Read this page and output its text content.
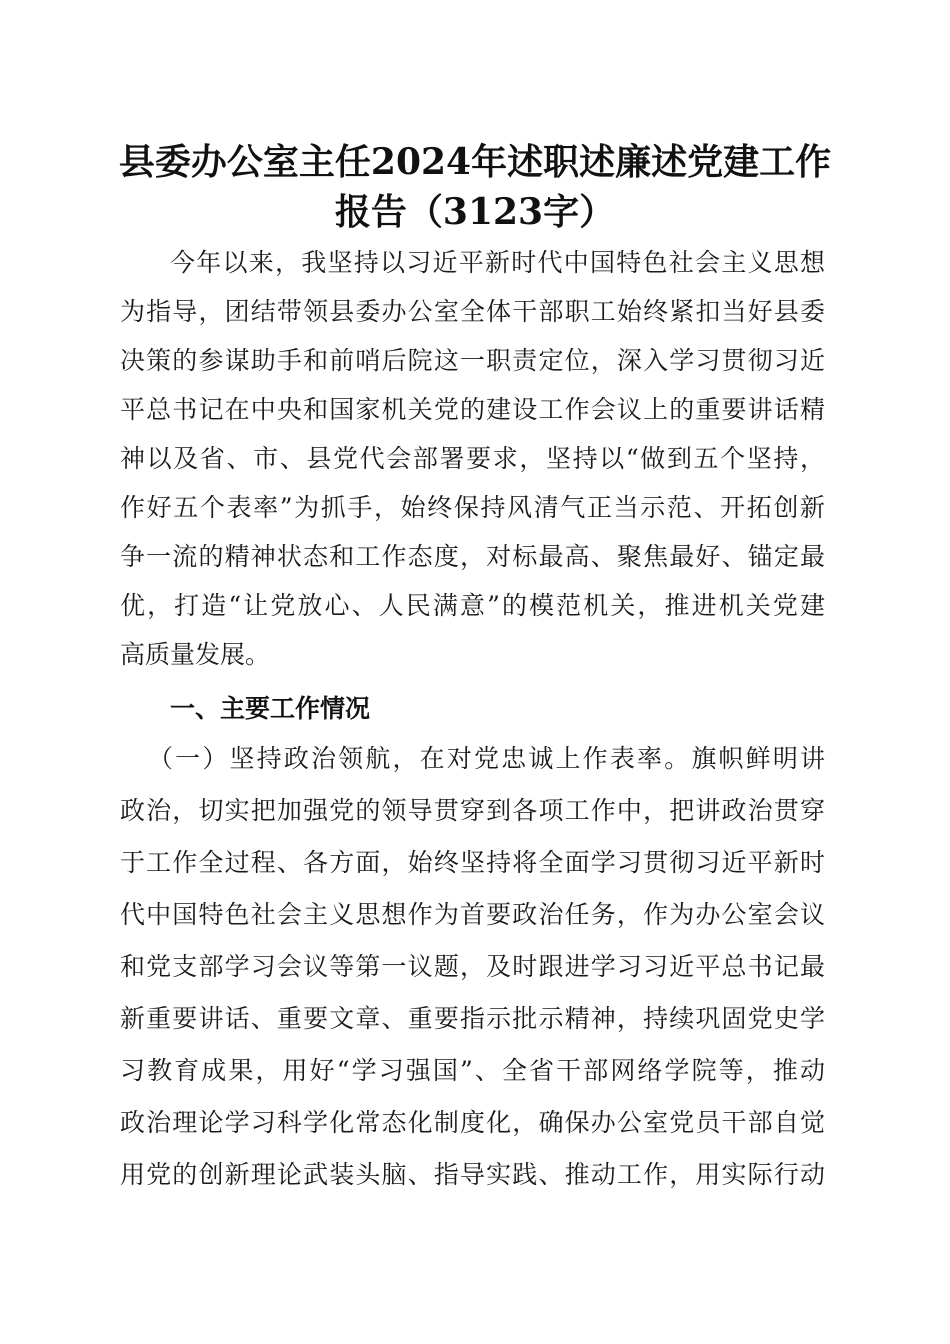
县委办公室主任2024年述职述廉述党建工作
报告（3123字）
今年以来，我坚持以习近平新时代中国特色社会主义思想
为指导，团结带领县委办公室全体干部职工始终紧扣当好县委
决策的参谋助手和前哨后院这一职责定位，深入学习贯彻习近
平总书记在中央和国家机关党的建设工作会议上的重要讲话精
神以及省、市、县党代会部署要求，坚持以“做到五个坚持，
作好五个表率”为抓手，始终保持风清气正当示范、开拓创新
争一流的精神状态和工作态度，对标最高、聚焦最好、锚定最
优，打造“让党放心、人民满意”的模范机关，推进机关党建
高质量发展。
一、主要工作情况
（一）坚持政治领航，在对党忠诚上作表率。旗帜鲜明讲
政治，切实把加强党的领导贯穿到各项工作中，把讲政治贯穿
于工作全过程、各方面，始终坚持将全面学习贯彻习近平新时
代中国特色社会主义思想作为首要政治任务，作为办公室会议
和党支部学习会议等第一议题，及时跟进学习习近平总书记最
新重要讲话、重要文章、重要指示批示精神，持续巩固党史学
习教育成果，用好“学习强国”、全省干部网络学院等，推动
政治理论学习科学化常态化制度化，确保办公室党员干部自觉
用党的创新理论武装头脑、指导实践、推动工作，用实际行动
